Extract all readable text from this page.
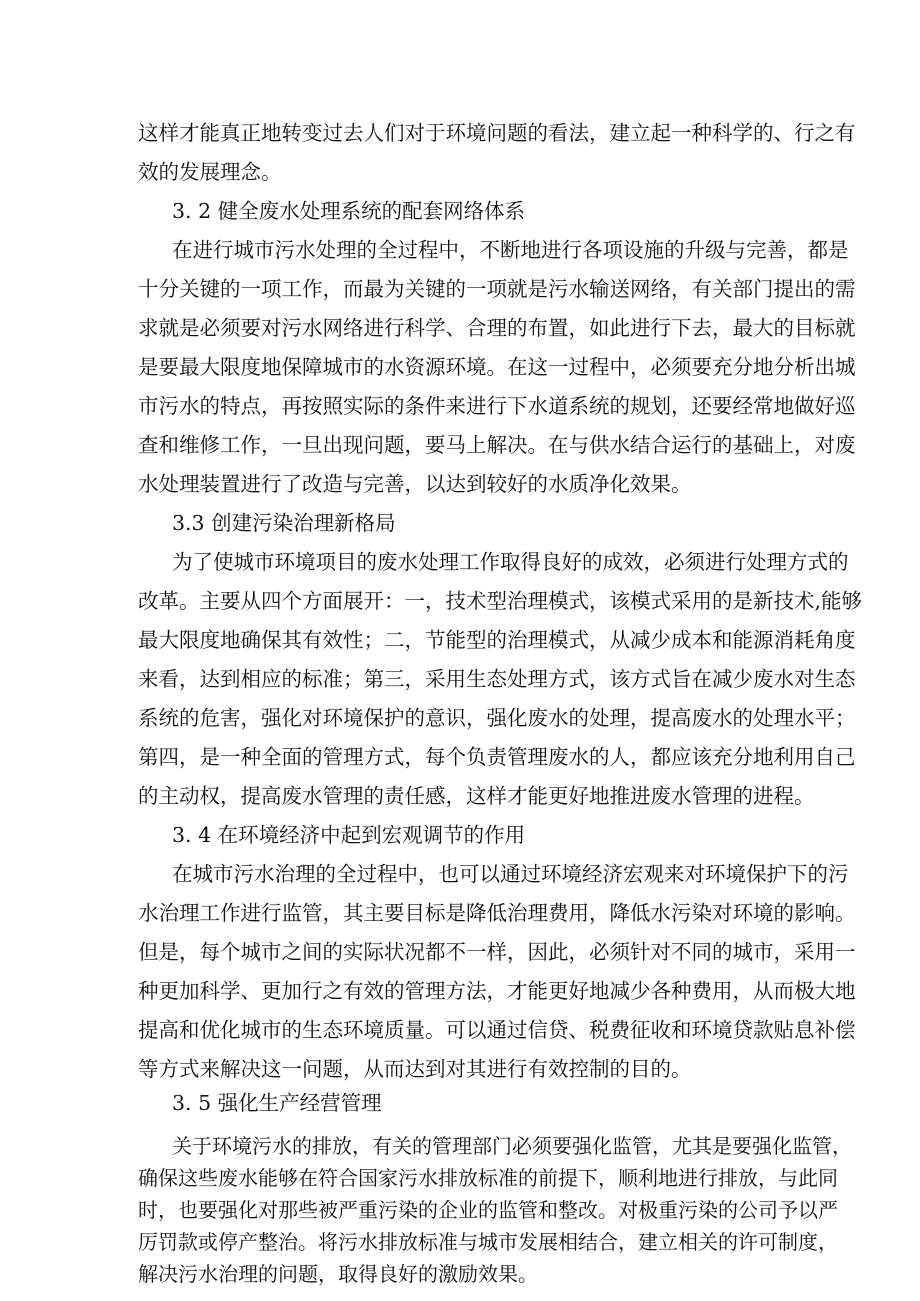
这样才能真正地转变过去人们对于环境问题的看法，建立起一种科学的、行之有
效的发展理念。
3. 2 健全废水处理系统的配套网络体系
在进行城市污水处理的全过程中，不断地进行各项设施的升级与完善，都是
十分关键的一项工作，而最为关键的一项就是污水输送网络，有关部门提出的需
求就是必须要对污水网络进行科学、合理的布置，如此进行下去，最大的目标就
是要最大限度地保障城市的水资源环境。在这一过程中，必须要充分地分析出城
市污水的特点，再按照实际的条件来进行下水道系统的规划，还要经常地做好巡
查和维修工作，一旦出现问题，要马上解决。在与供水结合运行的基础上，对废
水处理装置进行了改造与完善，以达到较好的水质净化效果。
3.3 创建污染治理新格局
为了使城市环境项目的废水处理工作取得良好的成效，必须进行处理方式的
改革。主要从四个方面展开：一，技术型治理模式，该模式采用的是新技术,能够
最大限度地确保其有效性；二，节能型的治理模式，从减少成本和能源消耗角度
来看，达到相应的标准；第三，采用生态处理方式，该方式旨在减少废水对生态
系统的危害，强化对环境保护的意识，强化废水的处理，提高废水的处理水平；
第四，是一种全面的管理方式，每个负责管理废水的人，都应该充分地利用自己
的主动权，提高废水管理的责任感，这样才能更好地推进废水管理的进程。
3. 4 在环境经济中起到宏观调节的作用
在城市污水治理的全过程中，也可以通过环境经济宏观来对环境保护下的污
水治理工作进行监管，其主要目标是降低治理费用，降低水污染对环境的影响。
但是，每个城市之间的实际状况都不一样，因此，必须针对不同的城市，采用一
种更加科学、更加行之有效的管理方法，才能更好地减少各种费用，从而极大地
提高和优化城市的生态环境质量。可以通过信贷、税费征收和环境贷款贴息补偿
等方式来解决这一问题，从而达到对其进行有效控制的目的。
3. 5 强化生产经营管理
关于环境污水的排放，有关的管理部门必须要强化监管，尤其是要强化监管，
确保这些废水能够在符合国家污水排放标准的前提下，顺利地进行排放，与此同
时，也要强化对那些被严重污染的企业的监管和整改。对极重污染的公司予以严
厉罚款或停产整治。将污水排放标准与城市发展相结合，建立相关的许可制度，
解决污水治理的问题，取得良好的激励效果。
